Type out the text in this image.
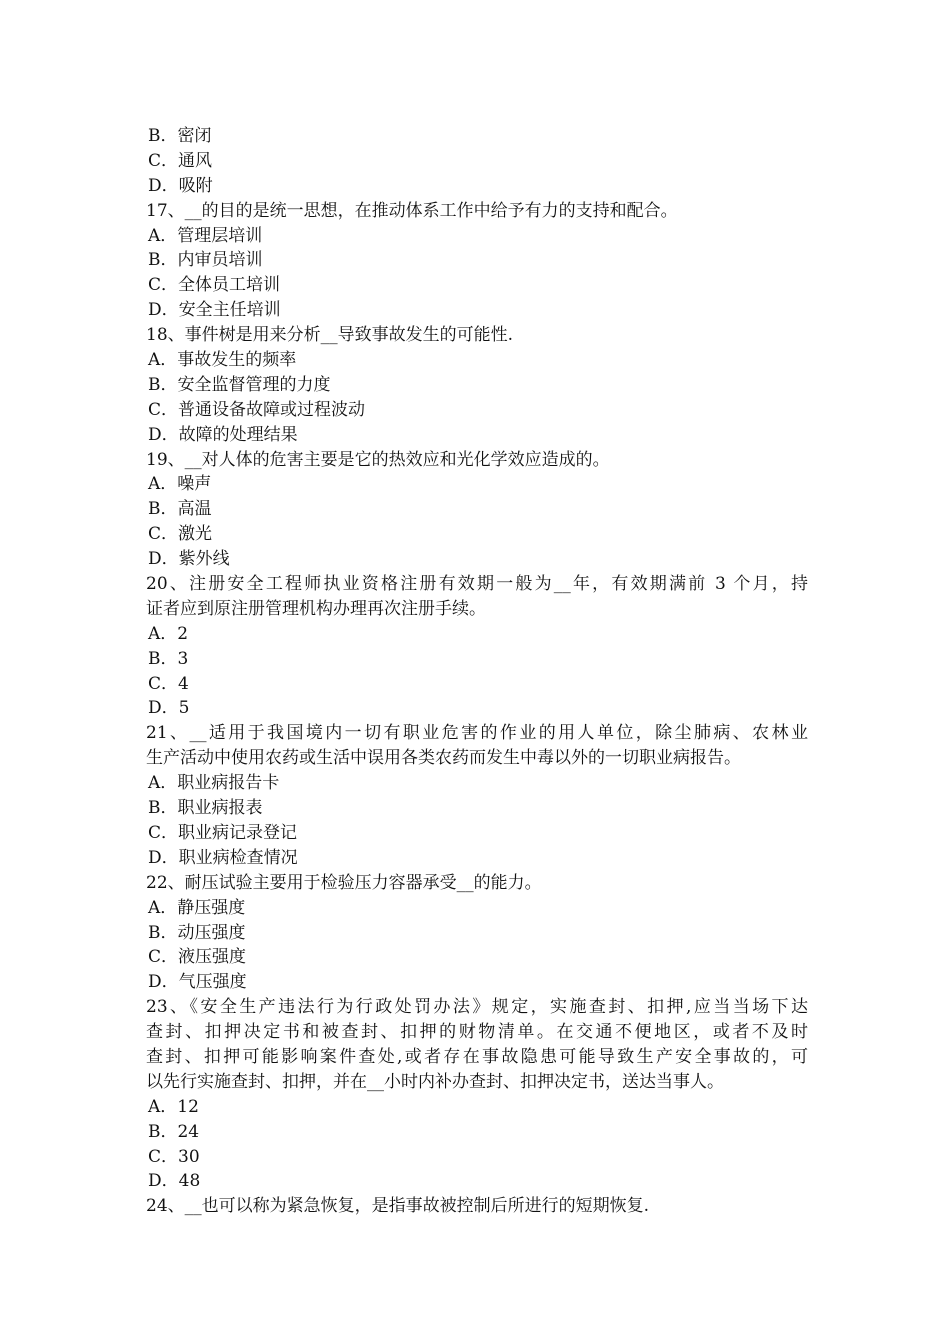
B．密闭
C．通风
D．吸附
17、__的目的是统一思想，在推动体系工作中给予有力的支持和配合。
A．管理层培训
B．内审员培训
C．全体员工培训
D．安全主任培训
18、事件树是用来分析__导致事故发生的可能性.
A．事故发生的频率
B．安全监督管理的力度
C．普通设备故障或过程波动
D．故障的处理结果
19、__对人体的危害主要是它的热效应和光化学效应造成的。
A．噪声
B．高温
C．激光
D．紫外线
20、注册安全工程师执业资格注册有效期一般为__年，有效期满前 3 个月，持
证者应到原注册管理机构办理再次注册手续。
A．2
B．3
C．4
D．5
21、__适用于我国境内一切有职业危害的作业的用人单位，除尘肺病、农林业
生产活动中使用农药或生活中误用各类农药而发生中毒以外的一切职业病报告。
A．职业病报告卡
B．职业病报表
C．职业病记录登记
D．职业病检查情况
22、耐压试验主要用于检验压力容器承受__的能力。
A．静压强度
B．动压强度
C．液压强度
D．气压强度
23、《安全生产违法行为行政处罚办法》规定，实施查封、扣押,应当当场下达
查封、扣押决定书和被查封、扣押的财物清单。在交通不便地区，或者不及时
查封、扣押可能影响案件查处,或者存在事故隐患可能导致生产安全事故的，可
以先行实施查封、扣押，并在__小时内补办查封、扣押决定书，送达当事人。
A．12
B．24
C．30
D．48
24、__也可以称为紧急恢复，是指事故被控制后所进行的短期恢复.
